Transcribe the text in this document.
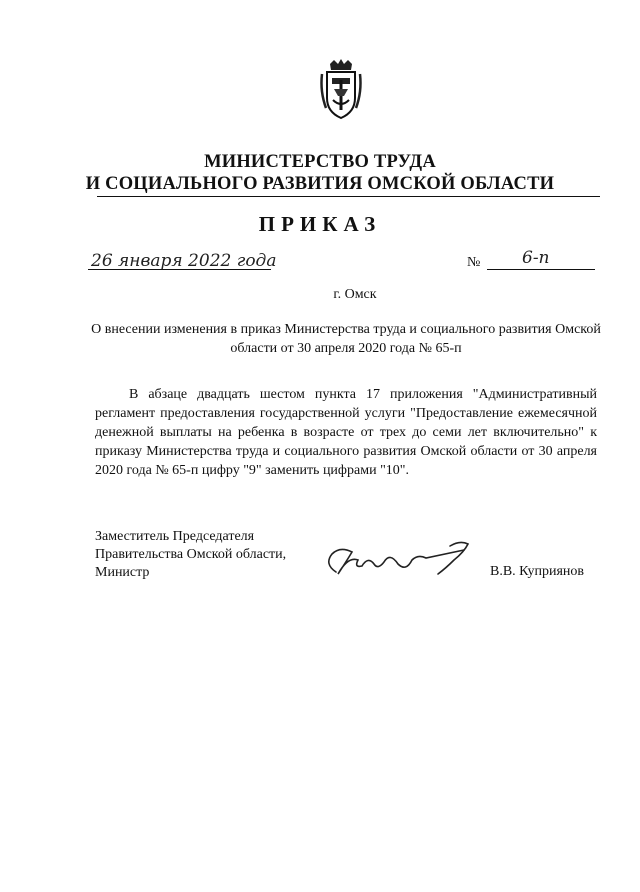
МИНИСТЕРСТВО ТРУДА
И СОЦИАЛЬНОГО РАЗВИТИЯ ОМСКОЙ ОБЛАСТИ
ПРИКАЗ
26 января 2022 года	№ 6-п
г. Омск
О внесении изменения в приказ Министерства труда и социального развития Омской области от 30 апреля 2020 года № 65-п
В абзаце двадцать шестом пункта 17 приложения "Административный регламент предоставления государственной услуги "Предоставление ежемесячной денежной выплаты на ребенка в возрасте от трех до семи лет включительно" к приказу Министерства труда и социального развития Омской области от 30 апреля 2020 года № 65-п цифру "9" заменить цифрами "10".
Заместитель Председателя
Правительства Омской области,
Министр	В.В. Куприянов
